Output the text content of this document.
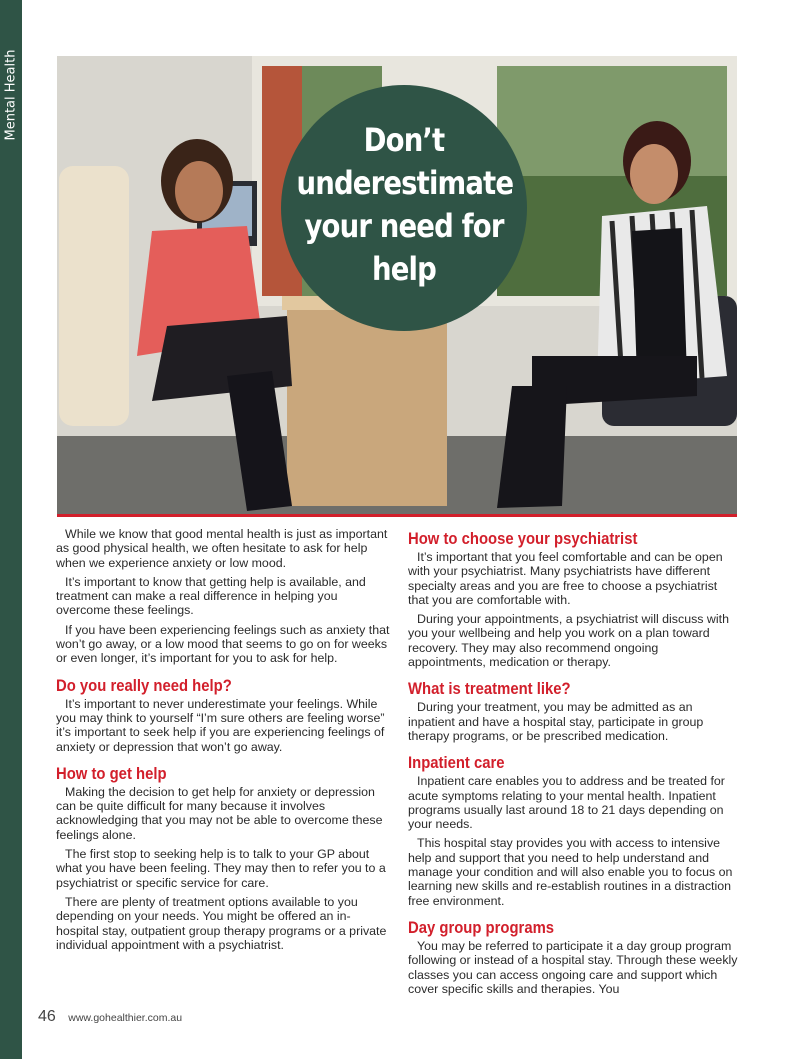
Mental Health	Don’t underestimate your need for help

While we know that good mental health is just as important as good physical health, we often hesitate to ask for help when we experience anxiety or low mood.

It’s important to know that getting help is available, and treatment can make a real difference in helping you overcome these feelings.

If you have been experiencing feelings such as anxiety that won’t go away, or a low mood that seems to go on for weeks or even longer, it’s important for you to ask for help.

Do you really need help?

It’s important to never underestimate your feelings. While you may think to yourself “I’m sure others are feeling worse” it’s important to seek help if you are experiencing feelings of anxiety or depression that won’t go away.

How to get help

Making the decision to get help for anxiety or depression can be quite difficult for many because it involves acknowledging that you may not be able to overcome these feelings alone.

The first stop to seeking help is to talk to your GP about what you have been feeling. They may then to refer you to a psychiatrist or specific service for care.

There are plenty of treatment options available to you depending on your needs. You might be offered an in-hospital stay, outpatient group therapy programs or a private individual appointment with a psychiatrist.

How to choose your psychiatrist

It’s important that you feel comfortable and can be open with your psychiatrist. Many psychiatrists have different specialty areas and you are free to choose a psychiatrist that you are comfortable with.

During your appointments, a psychiatrist will discuss with you your wellbeing and help you work on a plan toward recovery. They may also recommend ongoing appointments, medication or therapy.

What is treatment like?

During your treatment, you may be admitted as an inpatient and have a hospital stay, participate in group therapy programs, or be prescribed medication.

Inpatient care

Inpatient care enables you to address and be treated for acute symptoms relating to your mental health. Inpatient programs usually last around 18 to 21 days depending on your needs.

This hospital stay provides you with access to intensive help and support that you need to help understand and manage your condition and will also enable you to focus on learning new skills and re-establish routines in a distraction free environment.

Day group programs

You may be referred to participate it a day group program following or instead of a hospital stay. Through these weekly classes you can access ongoing care and support which cover specific skills and therapies. You

46 www.gohealthier.com.au
